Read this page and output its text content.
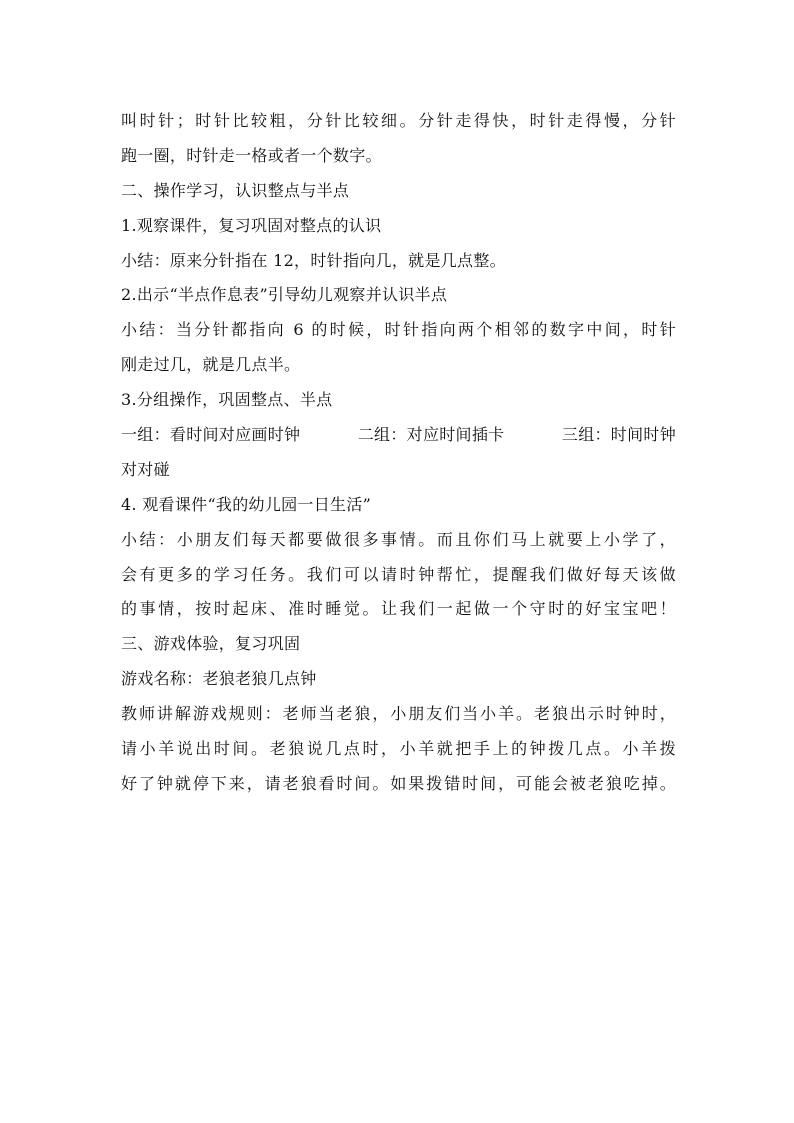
叫时针；时针比较粗，分针比较细。分针走得快，时针走得慢，分针
跑一圈，时针走一格或者一个数字。
二、操作学习，认识整点与半点
1.观察课件，复习巩固对整点的认识
小结：原来分针指在 12，时针指向几，就是几点整。
2.出示“半点作息表”引导幼儿观察并认识半点
小结：当分针都指向 6 的时候，时针指向两个相邻的数字中间，时针
刚走过几，就是几点半。
3.分组操作，巩固整点、半点
一组：看时间对应画时钟	二组：对应时间插卡	三组：时间时钟
对对碰
4. 观看课件“我的幼儿园一日生活”
小结：小朋友们每天都要做很多事情。而且你们马上就要上小学了，
会有更多的学习任务。我们可以请时钟帮忙，提醒我们做好每天该做
的事情，按时起床、准时睡觉。让我们一起做一个守时的好宝宝吧！
三、游戏体验，复习巩固
游戏名称：老狼老狼几点钟
教师讲解游戏规则：老师当老狼，小朋友们当小羊。老狼出示时钟时，
请小羊说出时间。老狼说几点时，小羊就把手上的钟拨几点。小羊拨
好了钟就停下来，请老狼看时间。如果拨错时间，可能会被老狼吃掉。
